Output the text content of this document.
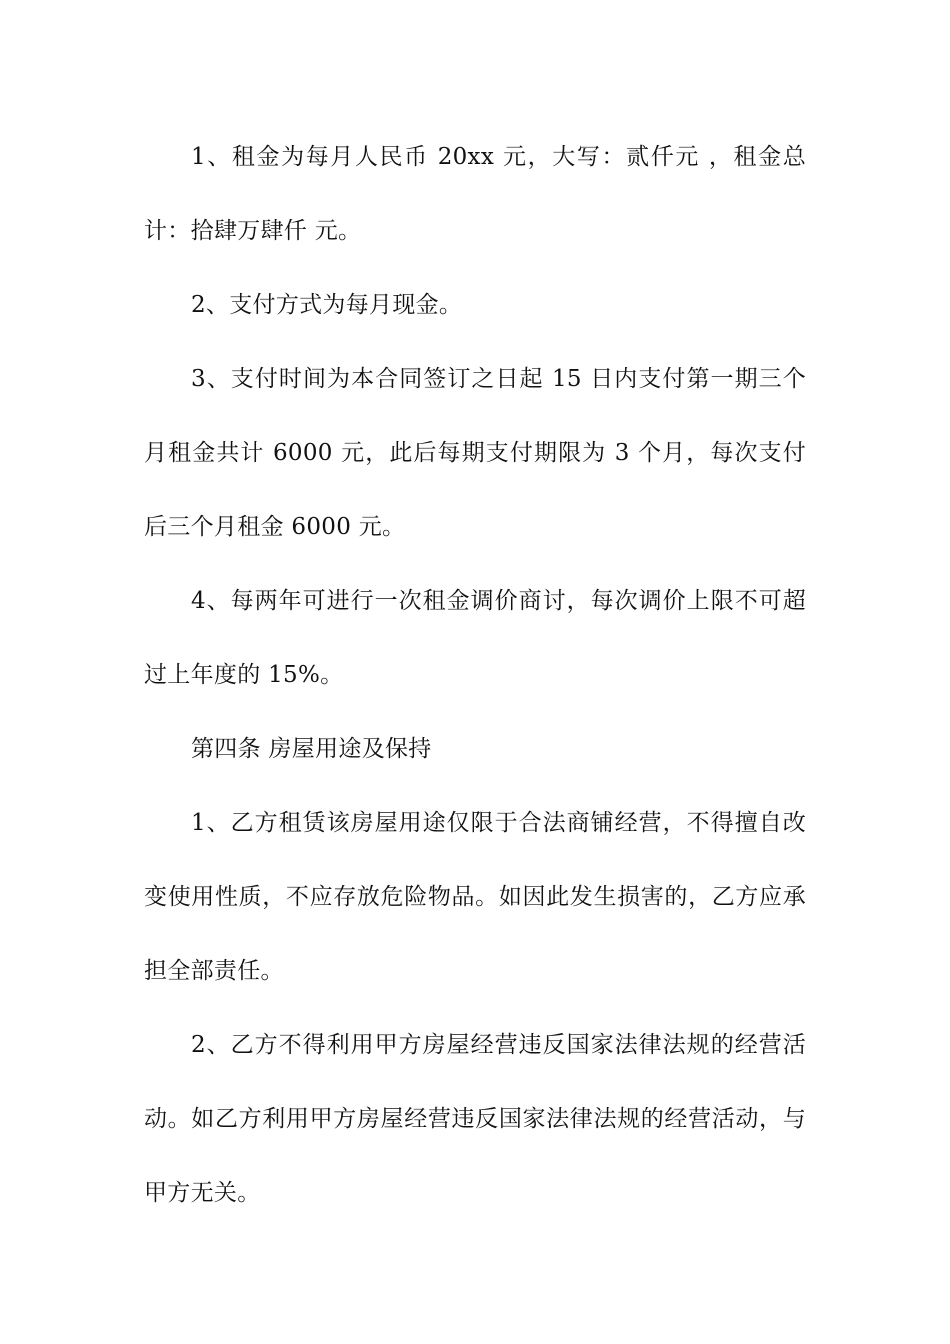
1、租金为每月人民币 20xx 元，大写：贰仟元 ，租金总计：拾肆万肆仟 元。

2、支付方式为每月现金。

3、支付时间为本合同签订之日起 15 日内支付第一期三个月租金共计 6000 元，此后每期支付期限为 3 个月，每次支付后三个月租金 6000 元。

4、每两年可进行一次租金调价商讨，每次调价上限不可超过上年度的 15%。

第四条 房屋用途及保持

1、乙方租赁该房屋用途仅限于合法商铺经营，不得擅自改变使用性质，不应存放危险物品。如因此发生损害的，乙方应承担全部责任。

2、乙方不得利用甲方房屋经营违反国家法律法规的经营活动。如乙方利用甲方房屋经营违反国家法律法规的经营活动，与甲方无关。
